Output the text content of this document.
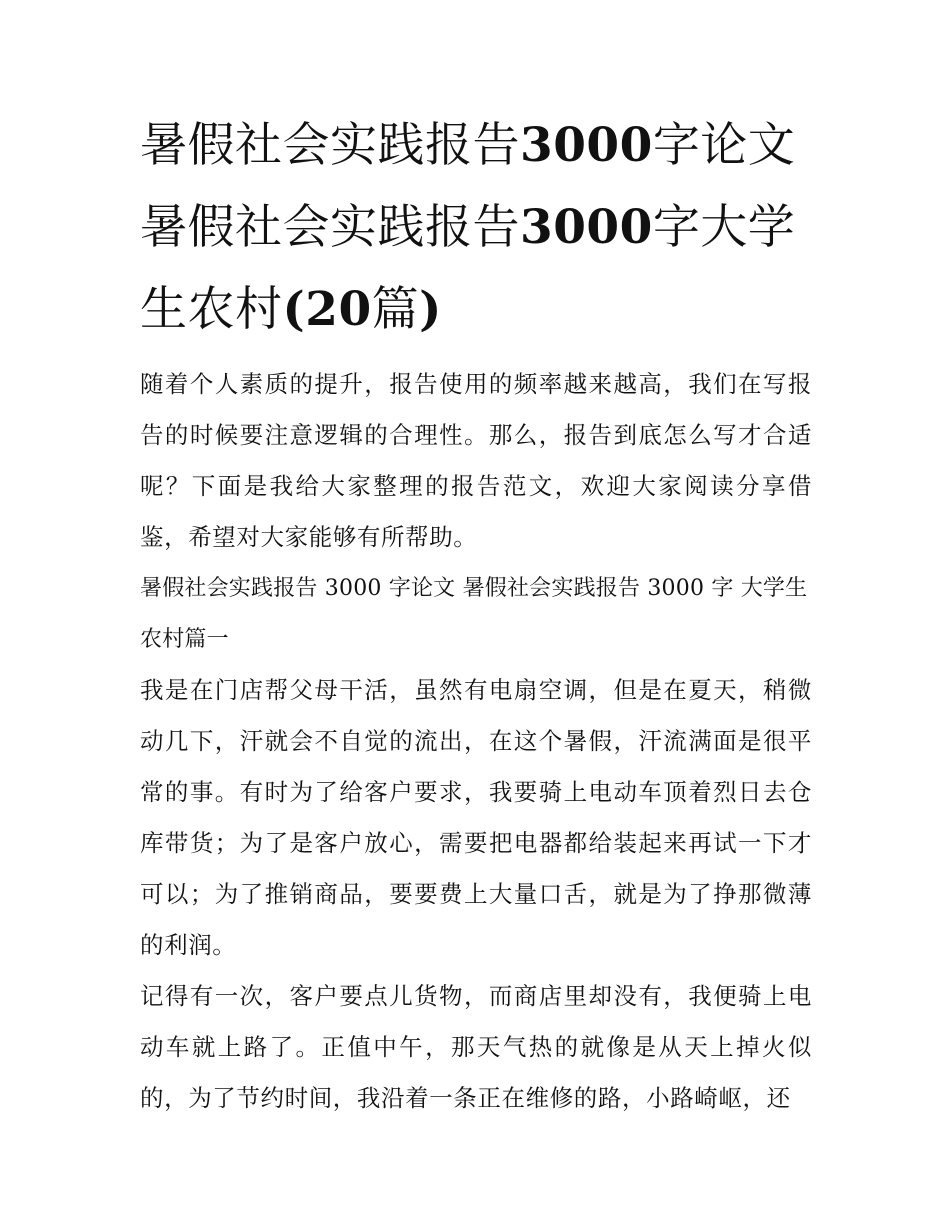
暑假社会实践报告3000字论文 暑假社会实践报告3000字大学生农村(20篇)

随着个人素质的提升，报告使用的频率越来越高，我们在写报告的时候要注意逻辑的合理性。那么，报告到底怎么写才合适呢？下面是我给大家整理的报告范文，欢迎大家阅读分享借鉴，希望对大家能够有所帮助。

暑假社会实践报告 3000 字论文 暑假社会实践报告 3000 字 大学生农村篇一

我是在门店帮父母干活，虽然有电扇空调，但是在夏天，稍微动几下，汗就会不自觉的流出，在这个暑假，汗流满面是很平常的事。有时为了给客户要求，我要骑上电动车顶着烈日去仓库带货；为了是客户放心，需要把电器都给装起来再试一下才可以；为了推销商品，要要费上大量口舌，就是为了挣那微薄的利润。

记得有一次，客户要点儿货物，而商店里却没有，我便骑上电动车就上路了。正值中午，那天气热的就像是从天上掉火似的，为了节约时间，我沿着一条正在维修的路，小路崎岖，还
